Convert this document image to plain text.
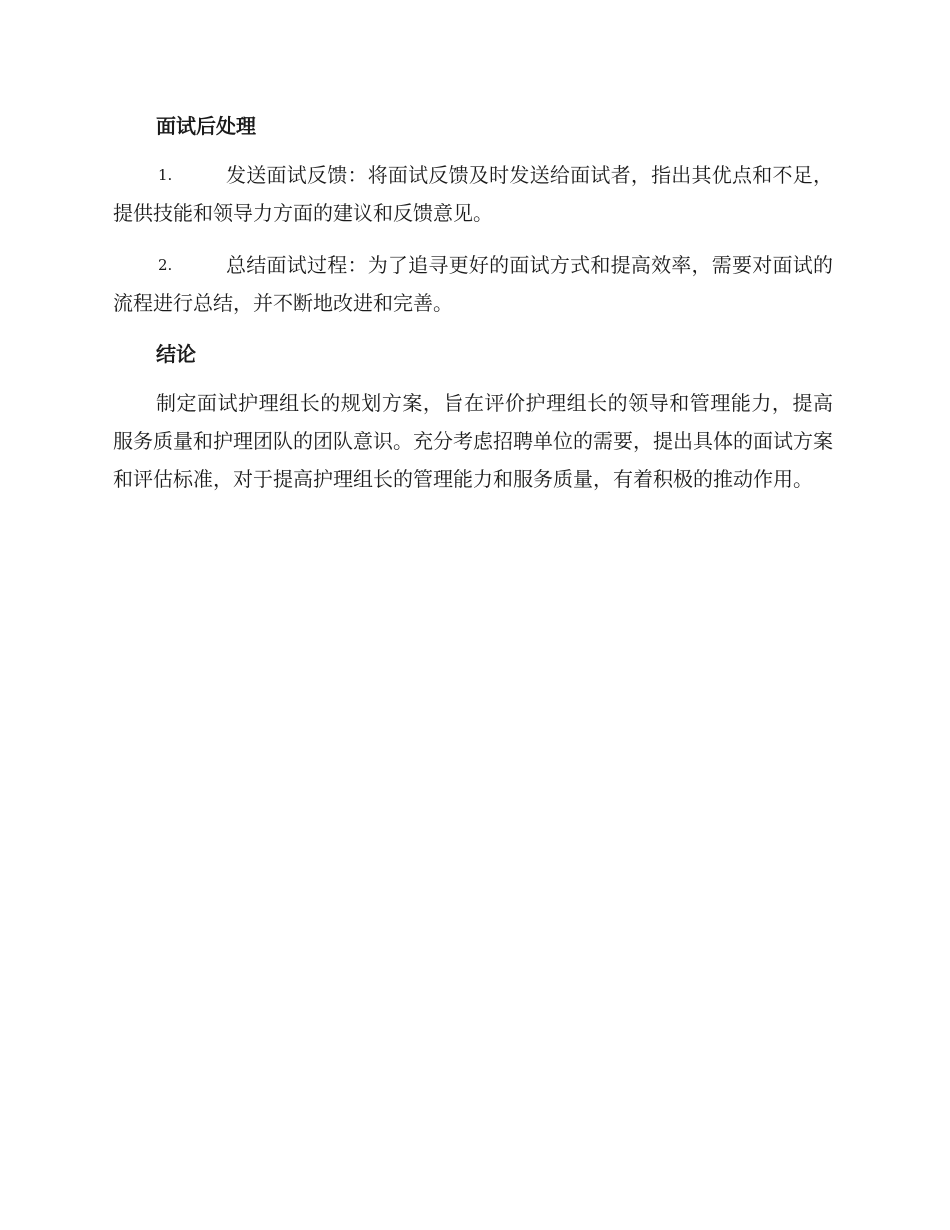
面试后处理
1.	发送面试反馈：将面试反馈及时发送给面试者，指出其优点和不足，提供技能和领导力方面的建议和反馈意见。
2.	总结面试过程：为了追寻更好的面试方式和提高效率，需要对面试的流程进行总结，并不断地改进和完善。
结论

制定面试护理组长的规划方案，旨在评价护理组长的领导和管理能力，提高服务质量和护理团队的团队意识。充分考虑招聘单位的需要，提出具体的面试方案和评估标准，对于提高护理组长的管理能力和服务质量，有着积极的推动作用。
